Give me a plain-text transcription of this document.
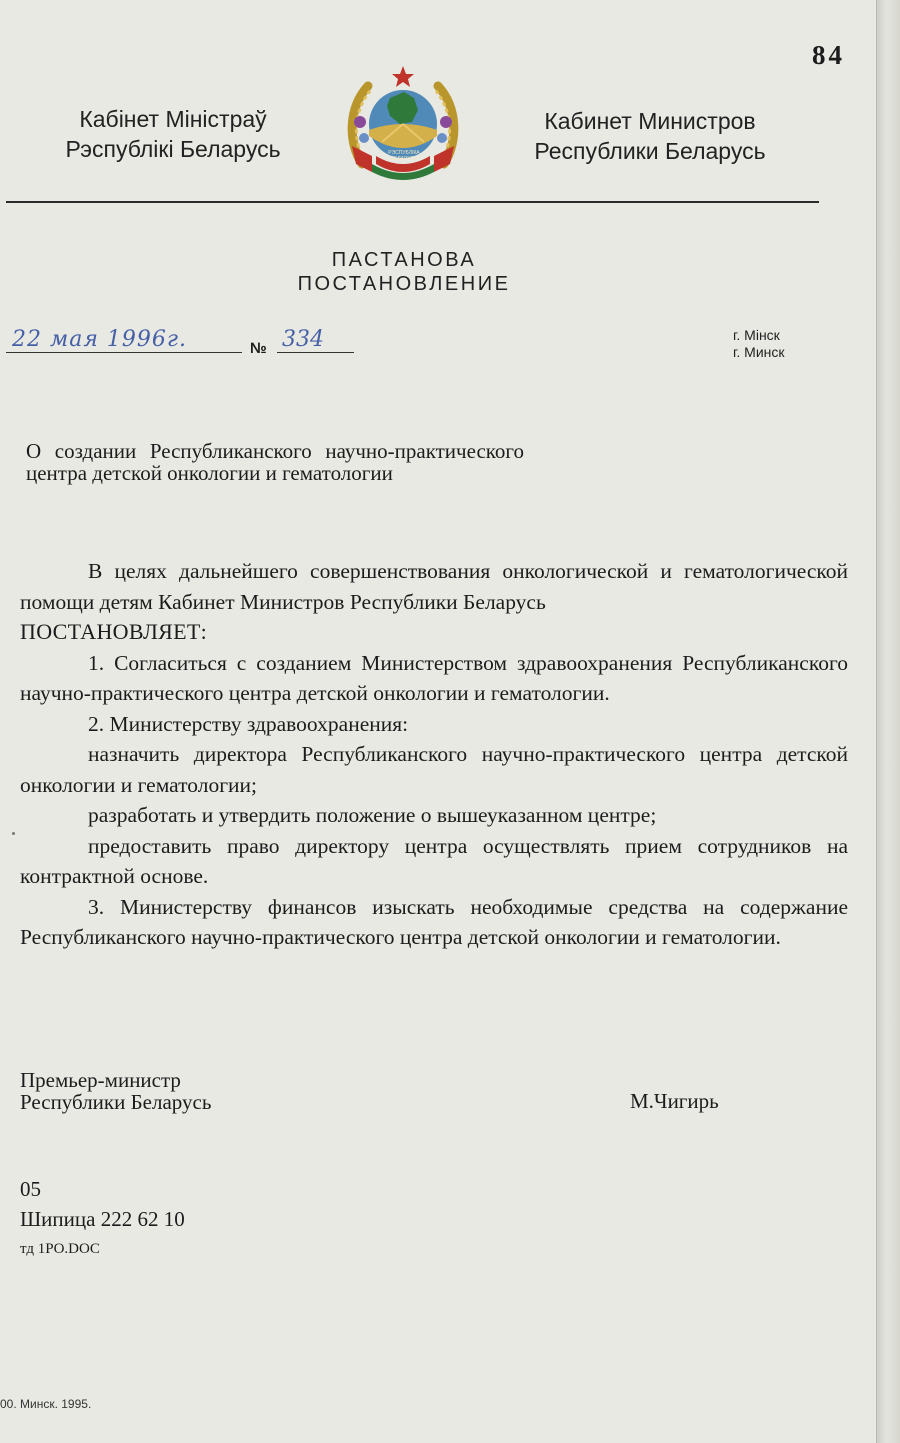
84
Кабінет Міністраў
Рэспублікі Беларусь	РЭСПУБЛІКА
БЕЛАРУСЬ
Кабинет Министров
Республики Беларусь
ПАСТАНОВА
ПОСТАНОВЛЕНИЕ
22 мая 1996г.	№ 334	г. Мінск
г. Минск
О создании Республиканского научно-практического центра детской онкологии и гематологии

В целях дальнейшего совершенствования онкологической и гематологической помощи детям Кабинет Министров Республики Беларусь

ПОСТАНОВЛЯЕТ:

1. Согласиться с созданием Министерством здравоохранения Республиканского научно-практического центра детской онкологии и гематологии.

2. Министерству здравоохранения:

назначить директора Республиканского научно-практического центра детской онкологии и гематологии;

разработать и утвердить положение о вышеуказанном центре;

предоставить право директору центра осуществлять прием сотрудников на контрактной основе.

3. Министерству финансов изыскать необходимые средства на содержание Республиканского научно-практического центра детской онкологии и гематологии.

Премьер-министр
Республики Беларусь	М.Чигирь
05
Шипица 222 62 10
тд 1PO.DOC
00. Минск. 1995.
